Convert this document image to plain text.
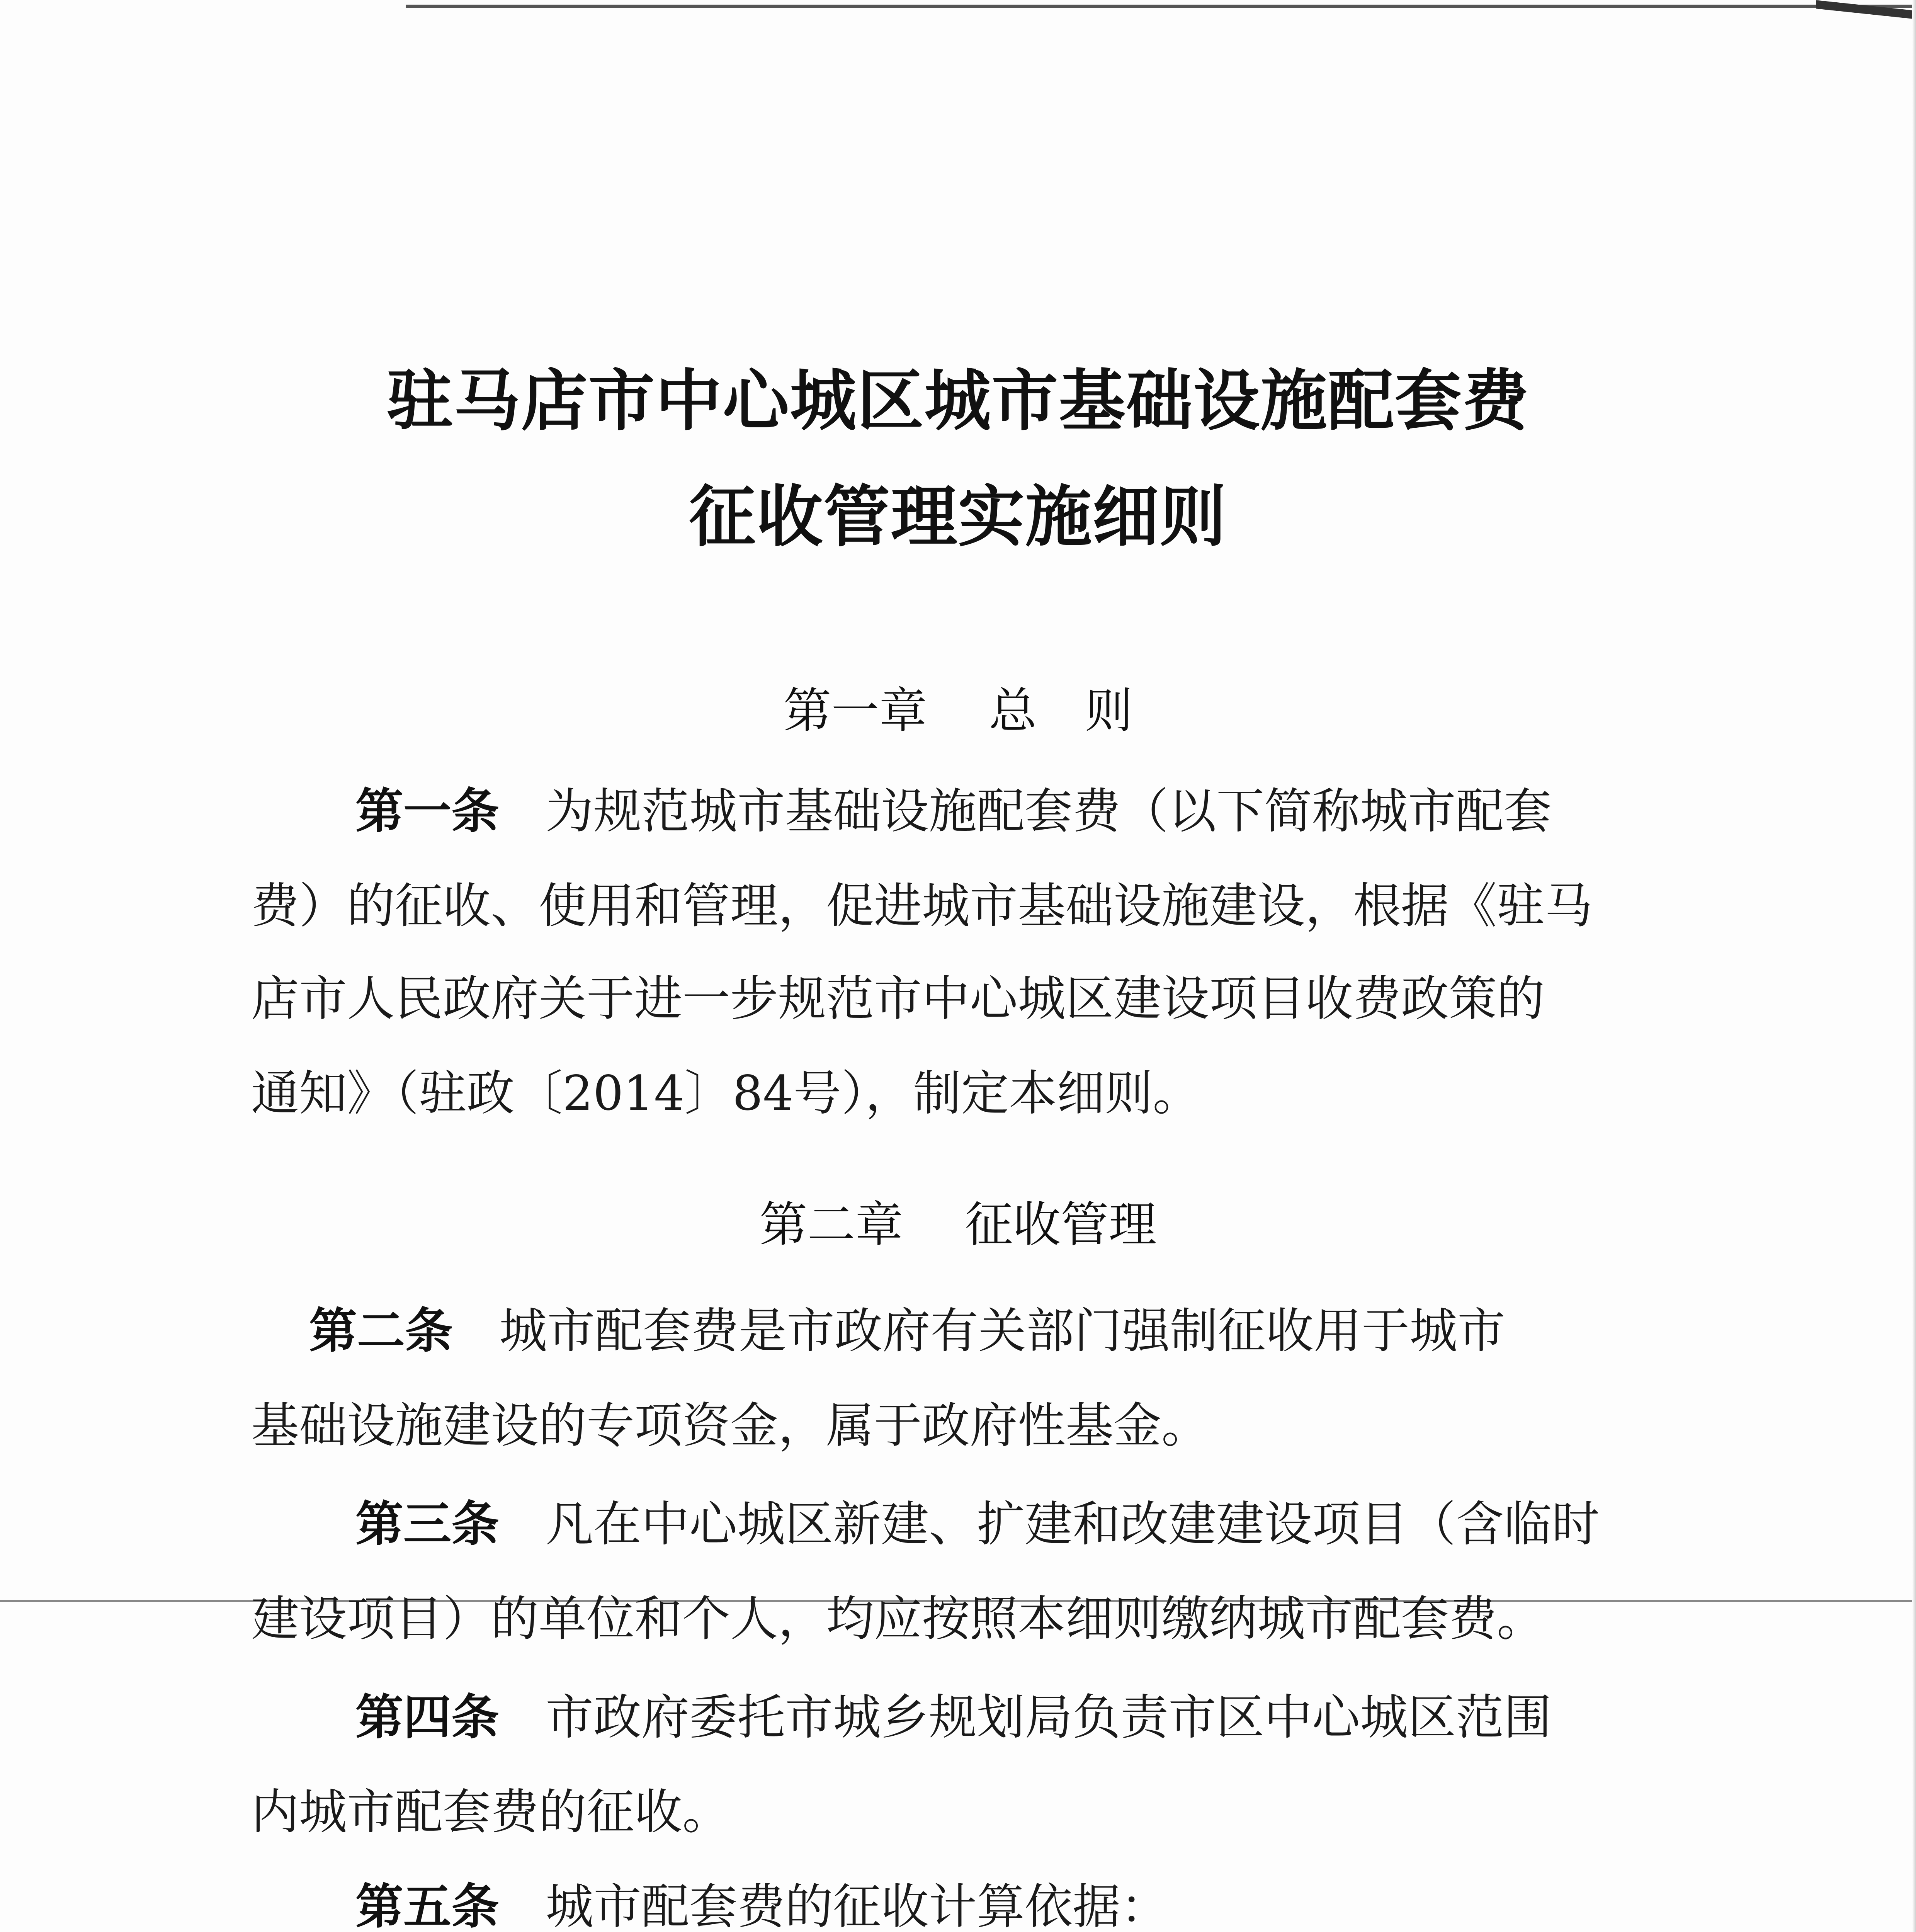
驻马店市中心城区城市基础设施配套费
征收管理实施细则
第一章 总　则
第一条 为规范城市基础设施配套费（以下简称城市配套
费）的征收、使用和管理，促进城市基础设施建设，根据《驻马
店市人民政府关于进一步规范市中心城区建设项目收费政策的
通知》（驻政〔2014〕84号），制定本细则。
第二章 征收管理
第二条 城市配套费是市政府有关部门强制征收用于城市
基础设施建设的专项资金，属于政府性基金。
第三条 凡在中心城区新建、扩建和改建建设项目（含临时
建设项目）的单位和个人，均应按照本细则缴纳城市配套费。
第四条 市政府委托市城乡规划局负责市区中心城区范围
内城市配套费的征收。
第五条 城市配套费的征收计算依据：
